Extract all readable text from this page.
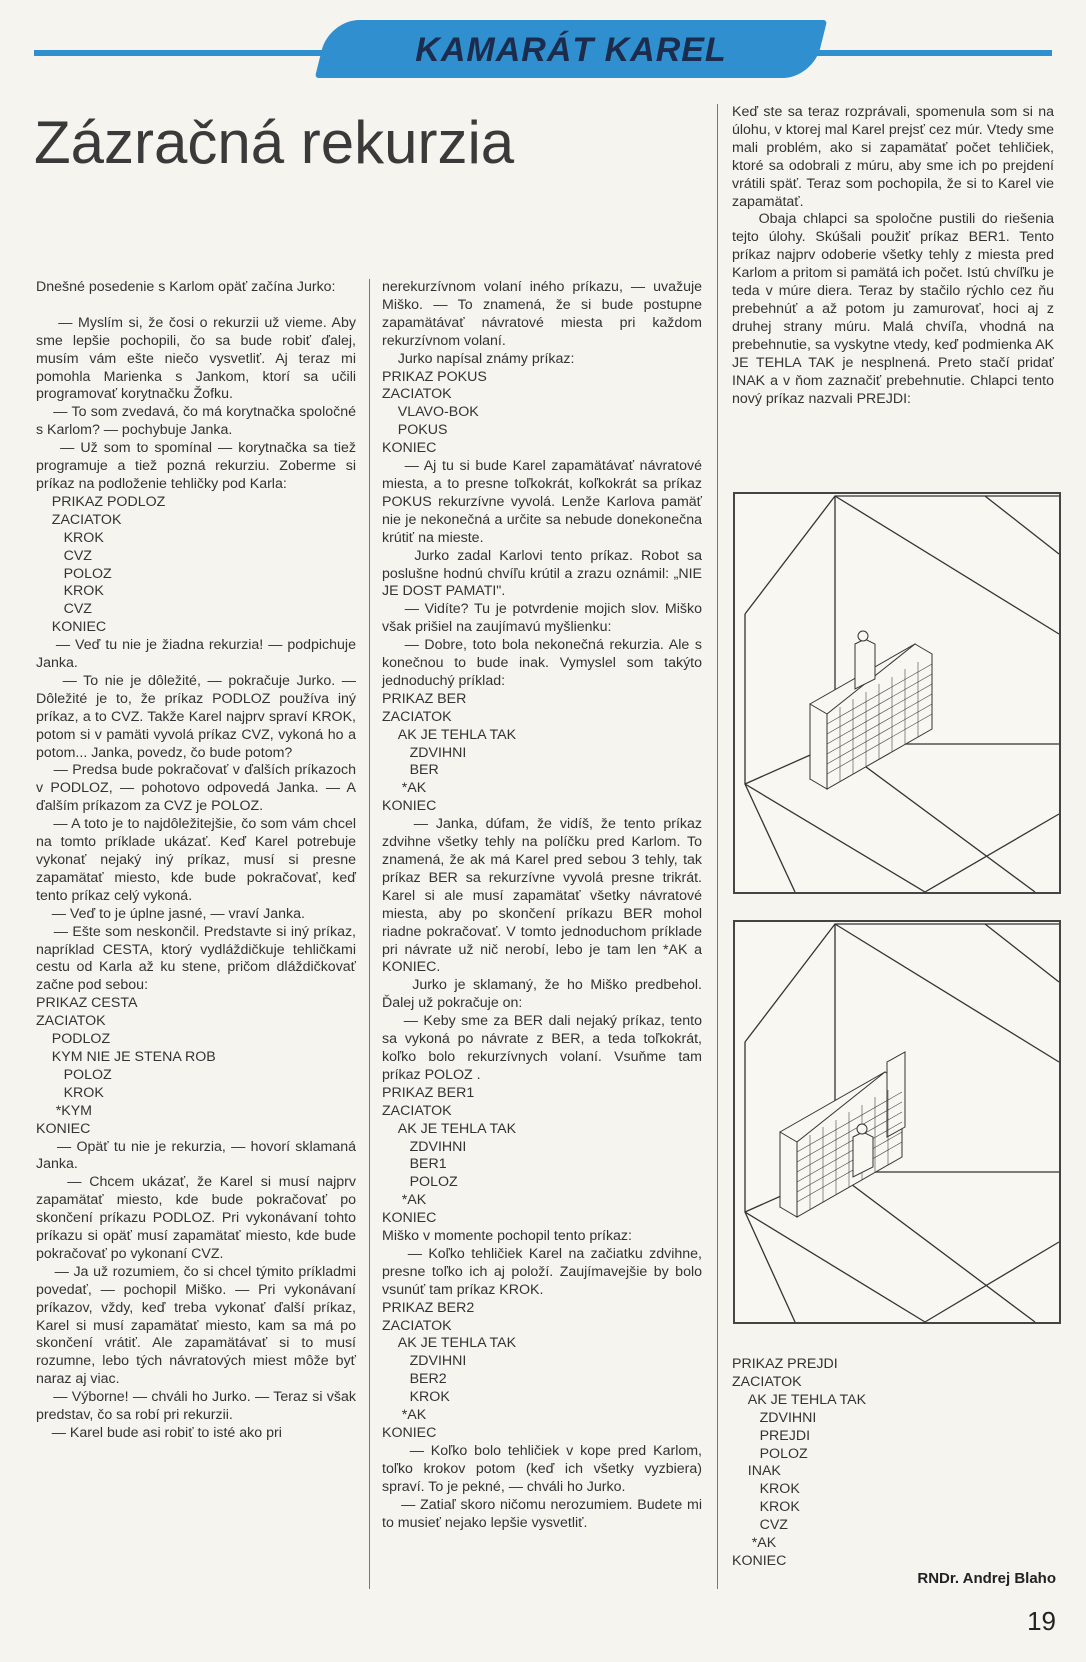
KAMARÁT KAREL
Zázračná rekurzia
Dnešné posedenie s Karlom opäť začína Jurko:

— Myslím si, že čosi o rekurzii už vieme. Aby sme lepšie pochopili, čo sa bude robiť ďalej, musím vám ešte niečo vysvetliť. Aj teraz mi pomohla Marienka s Jankom, ktorí sa učili programovať korytnačku Žofku.
— To som zvedavá, čo má korytnačka spoločné s Karlom? — pochybuje Janka.
— Už som to spomínal — korytnačka sa tiež programuje a tiež pozná rekurziu. Zoberme si príkaz na podloženie tehličky pod Karla:
PRIKAZ PODLOZ
ZACIATOK
KROK
CVZ
POLOZ
KROK
CVZ
KONIEC
— Veď tu nie je žiadna rekurzia! — podpichuje Janka.
— To nie je dôležité, — pokračuje Jurko. — Dôležité je to, že príkaz PODLOZ používa iný príkaz, a to CVZ. Takže Karel najprv spraví KROK, potom si v pamäti vyvolá príkaz CVZ, vykoná ho a potom... Janka, povedz, čo bude potom?
— Predsa bude pokračovať v ďalších príkazoch v PODLOZ, — pohotovo odpovedá Janka. — A ďalším príkazom za CVZ je POLOZ.
— A toto je to najdôležitejšie, čo som vám chcel na tomto príklade ukázať. Keď Karel potrebuje vykonať nejaký iný príkaz, musí si presne zapamätať miesto, kde bude pokračovať, keď tento príkaz celý vykoná.
— Veď to je úplne jasné, — vraví Janka.
— Ešte som neskončil. Predstavte si iný príkaz, napríklad CESTA, ktorý vydláždičkuje tehličkami cestu od Karla až ku stene, pričom dláždičkovať začne pod sebou:
PRIKAZ CESTA
ZACIATOK
PODLOZ
KYM NIE JE STENA ROB
POLOZ
KROK
*KYM
KONIEC
— Opäť tu nie je rekurzia, — hovorí sklamaná Janka.
— Chcem ukázať, že Karel si musí najprv zapamätať miesto, kde bude pokračovať po skončení príkazu PODLOZ. Pri vykonávaní tohto príkazu si opäť musí zapamätať miesto, kde bude pokračovať po vykonaní CVZ.
— Ja už rozumiem, čo si chcel týmito príkladmi povedať, — pochopil Miško. — Pri vykonávaní príkazov, vždy, keď treba vykonať ďalší príkaz, Karel si musí zapamätať miesto, kam sa má po skončení vrátiť. Ale zapamätávať si to musí rozumne, lebo tých návratových miest môže byť naraz aj viac.
— Výborne! — chváli ho Jurko. — Teraz si však predstav, čo sa robí pri rekurzii.
— Karel bude asi robiť to isté ako pri
nerekurzívnom volaní iného príkazu, — uvažuje Miško. — To znamená, že si bude postupne zapamätávať návratové miesta pri každom rekurzívnom volaní.
Jurko napísal známy príkaz:
PRIKAZ POKUS
ZACIATOK
VLAVO-BOK
POKUS
KONIEC
— Aj tu si bude Karel zapamätávať návratové miesta, a to presne toľkokrát, koľkokrát sa príkaz POKUS rekurzívne vyvolá. Lenže Karlova pamäť nie je nekonečná a určite sa nebude donekonečna krútiť na mieste.
Jurko zadal Karlovi tento príkaz. Robot sa poslušne hodnú chvíľu krútil a zrazu oznámil: „NIE JE DOST PAMATI".
— Vidíte? Tu je potvrdenie mojich slov. Miško však prišiel na zaujímavú myšlienku:
— Dobre, toto bola nekonečná rekurzia. Ale s konečnou to bude inak. Vymyslel som takýto jednoduchý príklad:
PRIKAZ BER
ZACIATOK
AK JE TEHLA TAK
ZDVIHNI
BER
*AK
KONIEC
— Janka, dúfam, že vidíš, že tento príkaz zdvihne všetky tehly na políčku pred Karlom. To znamená, že ak má Karel pred sebou 3 tehly, tak príkaz BER sa rekurzívne vyvolá presne trikrát. Karel si ale musí zapamätať všetky návratové miesta, aby po skončení príkazu BER mohol riadne pokračovať. V tomto jednoduchom príklade pri návrate už nič nerobí, lebo je tam len *AK a KONIEC.
Jurko je sklamaný, že ho Miško predbehol. Ďalej už pokračuje on:
— Keby sme za BER dali nejaký príkaz, tento sa vykoná po návrate z BER, a teda toľkokrát, koľko bolo rekurzívnych volaní. Vsuňme tam príkaz POLOZ .
PRIKAZ BER1
ZACIATOK
AK JE TEHLA TAK
ZDVIHNI
BER1
POLOZ
*AK
KONIEC
Miško v momente pochopil tento príkaz:
— Koľko tehličiek Karel na začiatku zdvihne, presne toľko ich aj položí. Zaujímavejšie by bolo vsunúť tam príkaz KROK.
PRIKAZ BER2
ZACIATOK
AK JE TEHLA TAK
ZDVIHNI
BER2
KROK
*AK
KONIEC
— Koľko bolo tehličiek v kope pred Karlom, toľko krokov potom (keď ich všetky vyzbiera) spraví. To je pekné, — chváli ho Jurko.
— Zatiaľ skoro ničomu nerozumiem. Budete mi to musieť nejako lepšie vysvetliť.
Keď ste sa teraz rozprávali, spomenula som si na úlohu, v ktorej mal Karel prejsť cez múr. Vtedy sme mali problém, ako si zapamätať počet tehličiek, ktoré sa odobrali z múru, aby sme ich po prejdení vrátili späť. Teraz som pochopila, že si to Karel vie zapamätať.
Obaja chlapci sa spoločne pustili do riešenia tejto úlohy. Skúšali použiť príkaz BER1. Tento príkaz najprv odoberie všetky tehly z miesta pred Karlom a pritom si pamätá ich počet. Istú chvíľku je teda v múre diera. Teraz by stačilo rýchlo cez ňu prebehnúť a až potom ju zamurovať, hoci aj z druhej strany múru. Malá chvíľa, vhodná na prebehnutie, sa vyskytne vtedy, keď podmienka AK JE TEHLA TAK je nesplnená. Preto stačí pridať INAK a v ňom zaznačiť prebehnutie. Chlapci tento nový príkaz nazvali PREJDI:
PRIKAZ PREJDI
ZACIATOK
AK JE TEHLA TAK
ZDVIHNI
PREJDI
POLOZ
INAK
KROK
KROK
CVZ
*AK
KONIEC
RNDr. Andrej Blaho
19
